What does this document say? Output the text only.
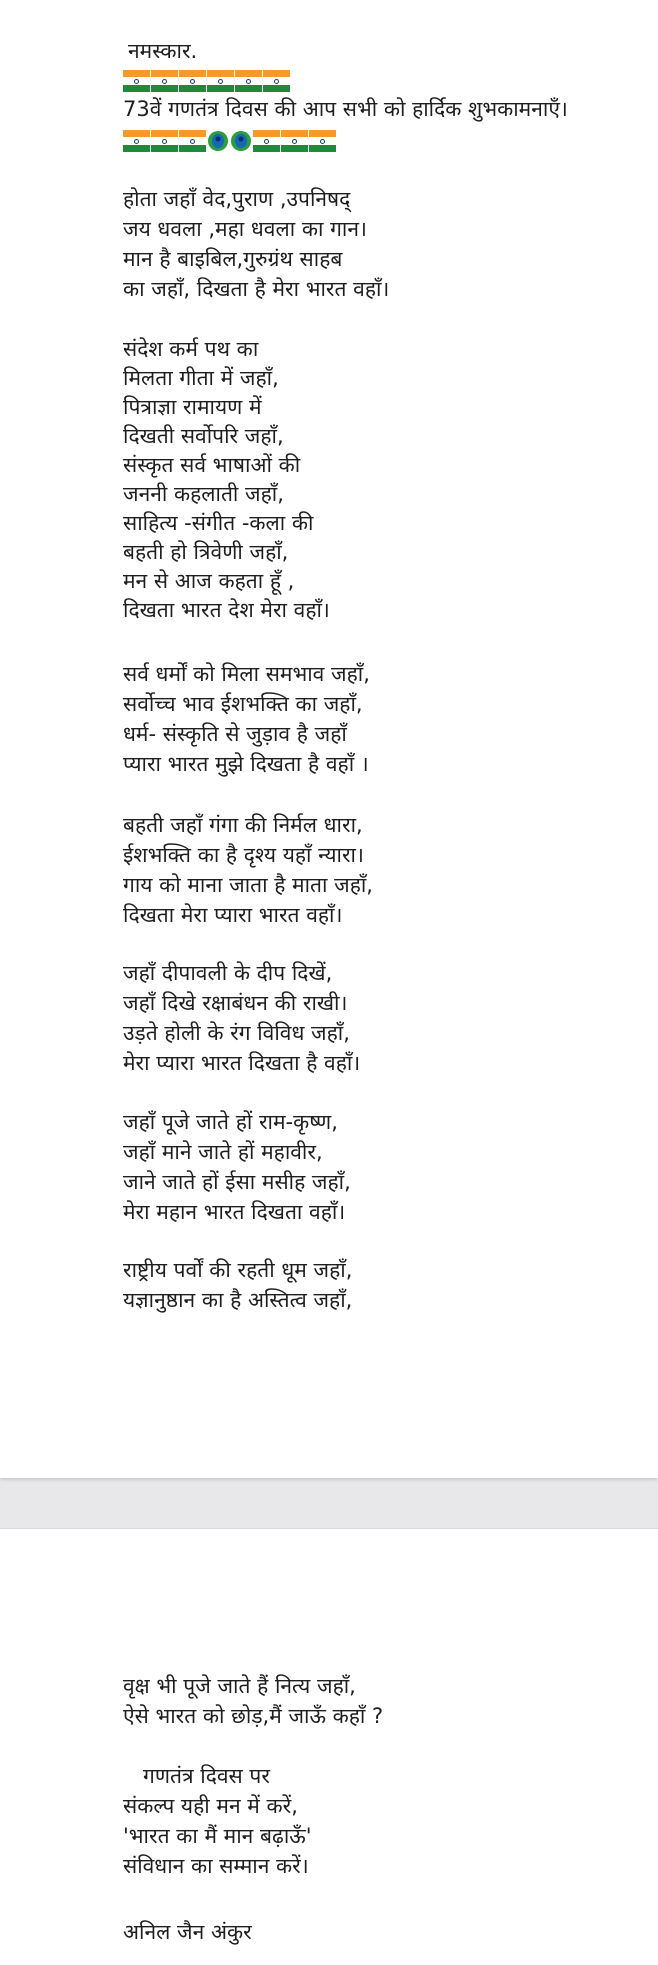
नमस्कार.
73वें गणतंत्र दिवस की आप सभी को हार्दिक शुभकामनाएँ।
होता जहाँ वेद,पुराण ,उपनिषद्
जय धवला ,महा धवला का गान।
मान है बाइबिल,गुरुग्रंथ साहब
का जहाँ, दिखता है मेरा भारत वहाँ।
संदेश कर्म पथ का
मिलता गीता में जहाँ,
पित्राज्ञा रामायण में
दिखती सर्वोपरि जहाँ,
संस्कृत सर्व भाषाओं की
जननी कहलाती जहाँ,
साहित्य -संगीत -कला की
बहती हो त्रिवेणी जहाँ,
मन से आज कहता हूँ ,
दिखता भारत देश मेरा वहाँ।
सर्व धर्मों को मिला समभाव जहाँ,
सर्वोच्च भाव ईशभक्ति का जहाँ,
धर्म- संस्कृति से जुड़ाव है जहाँ
प्यारा भारत मुझे दिखता है वहाँ ।
बहती जहाँ गंगा की निर्मल धारा,
ईशभक्ति का है दृश्य यहाँ न्यारा।
गाय को माना जाता है माता जहाँ,
दिखता मेरा प्यारा भारत वहाँ।
जहाँ दीपावली के दीप दिखें,
जहाँ दिखे रक्षाबंधन की राखी।
उड़ते होली के रंग विविध जहाँ,
मेरा प्यारा भारत दिखता है वहाँ।
जहाँ पूजे जाते हों राम-कृष्ण,
जहाँ माने जाते हों महावीर,
जाने जाते हों ईसा मसीह जहाँ,
मेरा महान भारत दिखता वहाँ।
राष्ट्रीय पर्वों की रहती धूम जहाँ,
यज्ञानुष्ठान का है अस्तित्व जहाँ,
वृक्ष भी पूजे जाते हैं नित्य जहाँ,
ऐसे भारत को छोड़,मैं जाऊँ कहाँ ?
गणतंत्र दिवस पर
संकल्प यही मन में करें,
'भारत का मैं मान बढ़ाऊँ'
संविधान का सम्मान करें।
अनिल जैन अंकुर
